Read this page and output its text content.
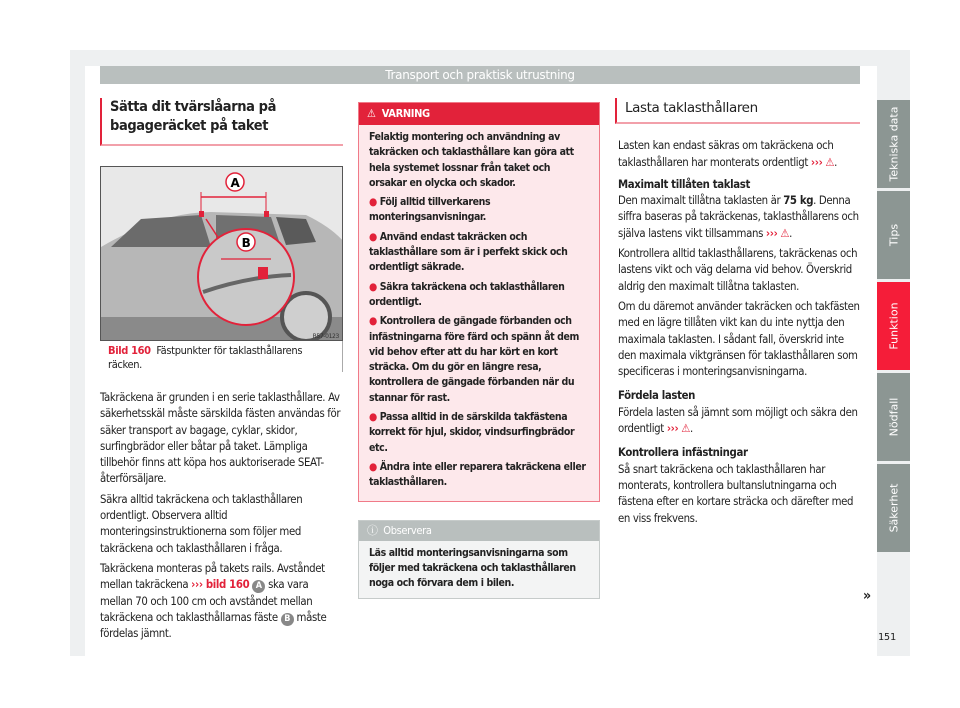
Transport och praktisk utrustning
Sätta dit tvärslåarna på bagageräcket på taket
A
B
B57-0123
Bild 160 Fästpunkter för taklasthållarens räcken.

Takräckena är grunden i en serie taklasthållare. Av säkerhetsskäl måste särskilda fästen användas för säker transport av bagage, cyklar, skidor, surfingbrädor eller båtar på taket. Lämpliga tillbehör finns att köpa hos auktoriserade SEAT-återförsäljare.

Säkra alltid takräckena och taklasthållaren ordentligt. Observera alltid monteringsinstruktionerna som följer med takräckena och taklasthållaren i fråga.

Takräckena monteras på takets rails. Avståndet mellan takräckena ››› bild 160 A ska vara mellan 70 och 100 cm och avståndet mellan takräckena och taklasthållarnas fäste B måste fördelas jämnt.

⚠ VARNING

Felaktig montering och användning av takräcken och taklasthållare kan göra att hela systemet lossnar från taket och orsakar en olycka och skador.

● Följ alltid tillverkarens monteringsanvisningar.

● Använd endast takräcken och taklasthållare som är i perfekt skick och ordentligt säkrade.

● Säkra takräckena och taklasthållaren ordentligt.

● Kontrollera de gängade förbanden och infästningarna före färd och spänn åt dem vid behov efter att du har kört en kort sträcka. Om du gör en längre resa, kontrollera de gängade förbanden när du stannar för rast.

● Passa alltid in de särskilda takfästena korrekt för hjul, skidor, vindsurfingbrädor etc.

● Ändra inte eller reparera takräckena eller taklasthållaren.

ⓘ Observera
Läs alltid monteringsanvisningarna som följer med takräckena och taklasthållaren noga och förvara dem i bilen.
Lasta taklasthållaren

Lasten kan endast säkras om takräckena och taklasthållaren har monterats ordentligt ››› ⚠.

Maximalt tillåten taklast

Den maximalt tillåtna taklasten är 75 kg. Denna siffra baseras på takräckenas, taklasthållarens och själva lastens vikt tillsammans ››› ⚠.

Kontrollera alltid taklasthållarens, takräckenas och lastens vikt och väg delarna vid behov. Överskrid aldrig den maximalt tillåtna taklasten.

Om du däremot använder takräcken och takfästen med en lägre tillåten vikt kan du inte nyttja den maximala taklasten. I sådant fall, överskrid inte den maximala viktgränsen för taklasthållaren som specificeras i monteringsanvisningarna.

Fördela lasten

Fördela lasten så jämnt som möjligt och säkra den ordentligt ››› ⚠.

Kontrollera infästningar

Så snart takräckena och taklasthållaren har monterats, kontrollera bultanslutningarna och fästena efter en kortare sträcka och därefter med en viss frekvens.

»
Tekniska data
Tips
Funktion
Nödfall
Säkerhet
151
